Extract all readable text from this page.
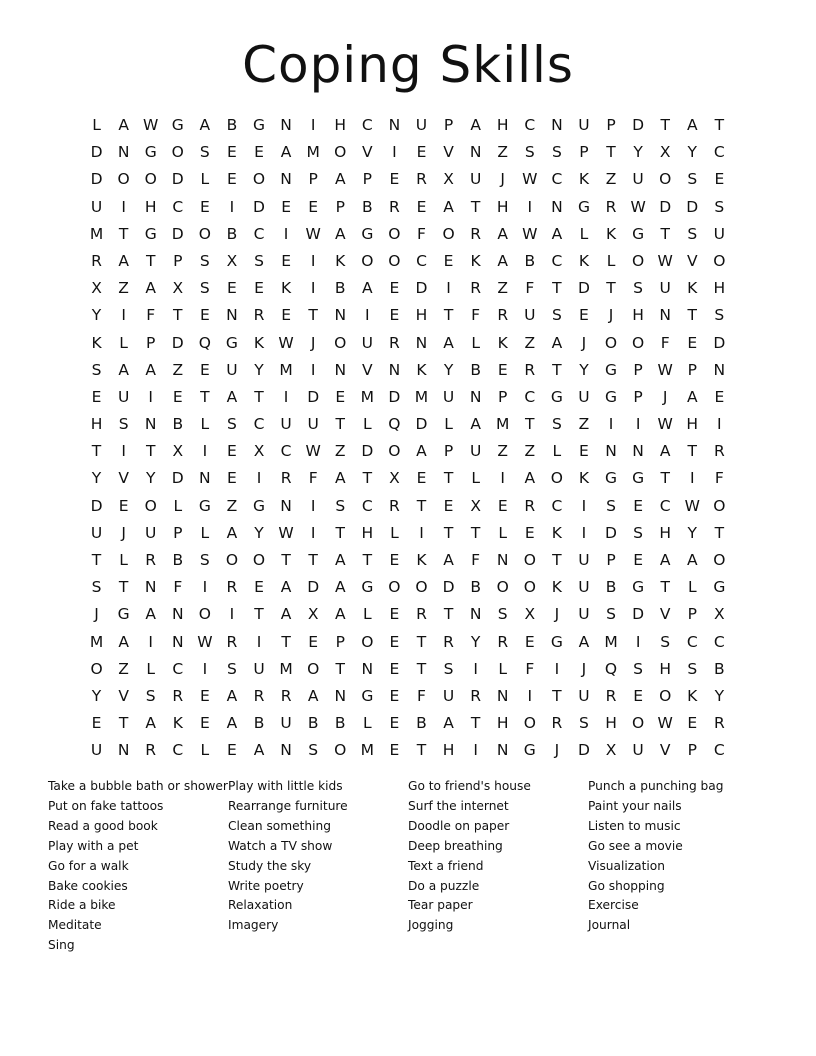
Coping Skills
L	A W G	A	B	G N	I	H	C	N	U	P	A	H	C	N	U	P	D	T	A	T
D N G O	S	E	E	A M O	V	I	E	V	N	Z	S	S	P	T	Y	X	Y	C
D O O D	L	E	O N	P	A	P	E	R	X	U	J	W C	K	Z	U O	S	E
U	I	H	C	E	I	D	E	E	P	B	R	E	A	T	H	I	N G	R W D D	S
M	T	G D O	B	C	I	W A	G O	F	O	R	A W A	L	K	G	T	S	U
R	A	T	P	S	X	S	E	I	K	O O	C	E	K	A	B	C	K	L	O W V	O
X	Z	A	X	S	E	E	K	I	B	A	E	D	I	R	Z	F	T	D	T	S	U	K	H
Y	I	F	T	E	N	R	E	T	N	I	E	H	T	F	R	U	S	E	J	H N	T	S
K	L	P	D Q G	K W	J	O U	R	N	A	L	K	Z	A	J	O O	F	E	D
S	A	A	Z	E	U	Y	M	I	N	V	N	K	Y	B	E	R	T	Y	G	P W P	N
E	U	I	E	T	A	T	I	D	E M D M U	N	P	C	G U G	P	J	A	E
H	S	N	B	L	S	C	U	U	T	L	Q D	L	A M	T	S	Z	I	I	W H	I
T	I	T	X	I	E	X	C W Z	D O	A	P	U	Z	Z	L	E	N N	A	T	R
Y	V	Y	D N	E	I	R	F	A	T	X	E	T	L	I	A	O	K	G G	T	I	F
D	E	O	L	G	Z	G N	I	S	C	R	T	E	X	E	R	C	I	S	E	C W O
U	J	U	P	L	A	Y W	I	T	H	L	I	T	T	L	E	K	I	D	S	H	Y	T
T	L	R	B	S	O O	T	T	A	T	E	K	A	F	N O	T	U	P	E	A	A	O
S	T	N	F	I	R	E	A	D	A	G O O D	B	O O	K	U	B	G	T	L	G
J	G	A	N O	I	T	A	X	A	L	E	R	T	N	S	X	J	U	S	D	V	P	X
M A	I	N W R	I	T	E	P	O	E	T	R	Y	R	E	G	A M	I	S	C	C
O	Z	L	C	I	S	U M O	T	N	E	T	S	I	L	F	I	J	Q	S	H	S	B
Y	V	S	R	E	A	R	R	A	N G	E	F	U	R	N	I	T	U	R	E	O	K	Y
E	T	A	K	E	A	B	U	B	B	L	E	B	A	T	H O	R	S	H O W E	R
U	N	R	C	L	E	A	N	S	O M	E	T	H	I	N G	J	D	X	U	V	P	C
Take a bubble bath or shower
Put on fake tattoos
Read a good book
Play with a pet
Go for a walk
Bake cookies
Ride a bike
Meditate
Sing
Play with little kids
Rearrange furniture
Clean something
Watch a TV show
Study the sky
Write poetry
Relaxation
Imagery
Go to friend's house
Surf the internet
Doodle on paper
Deep breathing
Text a friend
Do a puzzle
Tear paper
Jogging
Punch a punching bag
Paint your nails
Listen to music
Go see a movie
Visualization
Go shopping
Exercise
Journal
